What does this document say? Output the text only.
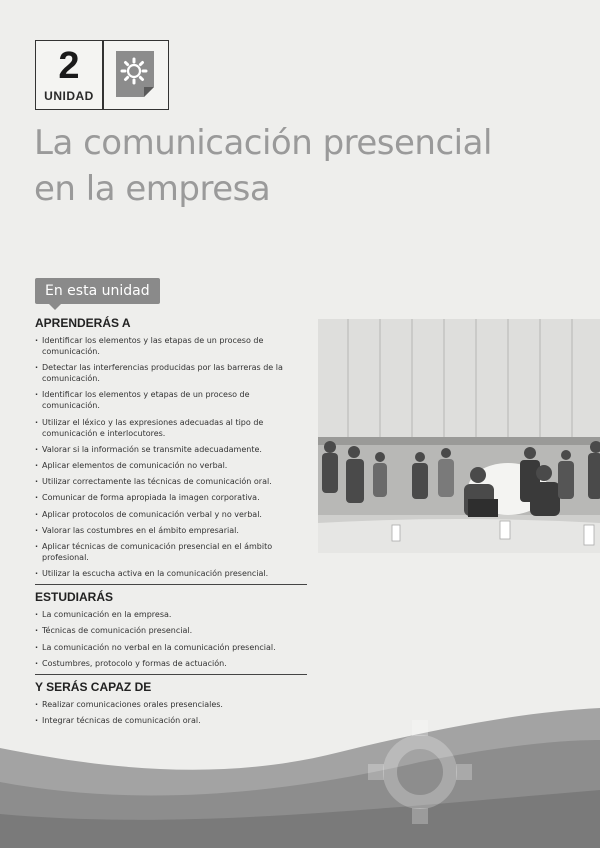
2
UNIDAD
La comunicación presencial
en la empresa
En esta unidad
APRENDERÁS A
· Identificar los elementos y las etapas de un proceso de comunicación.
· Detectar las interferencias producidas por las barreras de la comunicación.
· Identificar los elementos y etapas de un proceso de comunicación.
· Utilizar el léxico y las expresiones adecuadas al tipo de comunicación e interlocutores.
· Valorar si la información se transmite adecuadamente.
· Aplicar elementos de comunicación no verbal.
· Utilizar correctamente las técnicas de comunicación oral.
· Comunicar de forma apropiada la imagen corporativa.
· Aplicar protocolos de comunicación verbal y no verbal.
· Valorar las costumbres en el ámbito empresarial.
· Aplicar técnicas de comunicación presencial en el ámbito profesional.
· Utilizar la escucha activa en la comunicación presencial.
ESTUDIARÁS
· La comunicación en la empresa.
· Técnicas de comunicación presencial.
· La comunicación no verbal en la comunicación presencial.
· Costumbres, protocolo y formas de actuación.
Y SERÁS CAPAZ DE
· Realizar comunicaciones orales presenciales.
· Integrar técnicas de comunicación oral.
